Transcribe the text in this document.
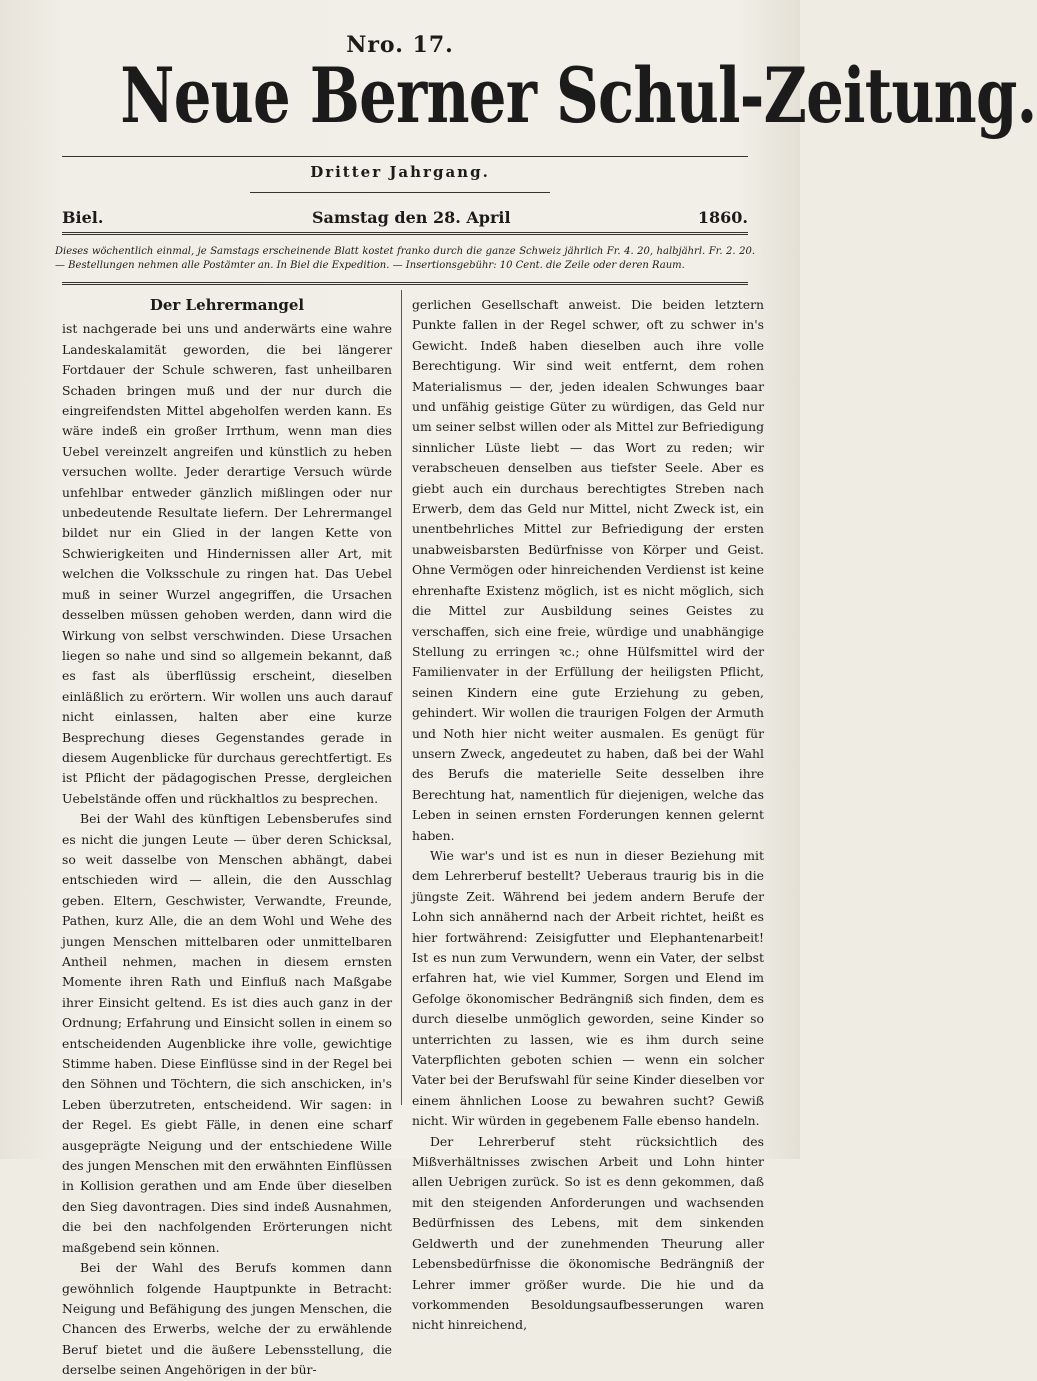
Nro. 17.
Neue Berner Schul-Zeitung.
Dritter Jahrgang.
Biel.	Samstag den 28. April	1860.
Dieses wöchentlich einmal, je Samstags erscheinende Blatt kostet franko durch die ganze Schweiz jährlich Fr. 4. 20, halbjährl. Fr. 2. 20. — Bestellungen nehmen alle Postämter an. In Biel die Expedition. — Insertionsgebühr: 10 Cent. die Zeile oder deren Raum.
Der Lehrermangel

ist nachgerade bei uns und anderwärts eine wahre Landeskalamität geworden, die bei längerer Fortdauer der Schule schweren, fast unheilbaren Schaden bringen muß und der nur durch die eingreifendsten Mittel abgeholfen werden kann. Es wäre indeß ein großer Irrthum, wenn man dies Uebel vereinzelt angreifen und künstlich zu heben versuchen wollte. Jeder derartige Versuch würde unfehlbar entweder gänzlich mißlingen oder nur unbedeutende Resultate liefern. Der Lehrermangel bildet nur ein Glied in der langen Kette von Schwierigkeiten und Hindernissen aller Art, mit welchen die Volksschule zu ringen hat. Das Uebel muß in seiner Wurzel angegriffen, die Ursachen desselben müssen gehoben werden, dann wird die Wirkung von selbst verschwinden. Diese Ursachen liegen so nahe und sind so allgemein bekannt, daß es fast als überflüssig erscheint, dieselben einläßlich zu erörtern. Wir wollen uns auch darauf nicht einlassen, halten aber eine kurze Besprechung dieses Gegenstandes gerade in diesem Augenblicke für durchaus gerechtfertigt. Es ist Pflicht der pädagogischen Presse, dergleichen Uebelstände offen und rückhaltlos zu besprechen.

Bei der Wahl des künftigen Lebensberufes sind es nicht die jungen Leute — über deren Schicksal, so weit dasselbe von Menschen abhängt, dabei entschieden wird — allein, die den Ausschlag geben. Eltern, Geschwister, Verwandte, Freunde, Pathen, kurz Alle, die an dem Wohl und Wehe des jungen Menschen mittelbaren oder unmittelbaren Antheil nehmen, machen in diesem ernsten Momente ihren Rath und Einfluß nach Maßgabe ihrer Einsicht geltend. Es ist dies auch ganz in der Ordnung; Erfahrung und Einsicht sollen in einem so entscheidenden Augenblicke ihre volle, gewichtige Stimme haben. Diese Einflüsse sind in der Regel bei den Söhnen und Töchtern, die sich anschicken, in's Leben überzutreten, entscheidend. Wir sagen: in der Regel. Es giebt Fälle, in denen eine scharf ausgeprägte Neigung und der entschiedene Wille des jungen Menschen mit den erwähnten Einflüssen in Kollision gerathen und am Ende über dieselben den Sieg davontragen. Dies sind indeß Ausnahmen, die bei den nachfolgenden Erörterungen nicht maßgebend sein können.

Bei der Wahl des Berufs kommen dann gewöhnlich folgende Hauptpunkte in Betracht: Neigung und Befähigung des jungen Menschen, die Chancen des Erwerbs, welche der zu erwählende Beruf bietet und die äußere Lebensstellung, die derselbe seinen Angehörigen in der bür-

gerlichen Gesellschaft anweist. Die beiden letztern Punkte fallen in der Regel schwer, oft zu schwer in's Gewicht. Indeß haben dieselben auch ihre volle Berechtigung. Wir sind weit entfernt, dem rohen Materialismus — der, jeden idealen Schwunges baar und unfähig geistige Güter zu würdigen, das Geld nur um seiner selbst willen oder als Mittel zur Befriedigung sinnlicher Lüste liebt — das Wort zu reden; wir verabscheuen denselben aus tiefster Seele. Aber es giebt auch ein durchaus berechtigtes Streben nach Erwerb, dem das Geld nur Mittel, nicht Zweck ist, ein unentbehrliches Mittel zur Befriedigung der ersten unabweisbarsten Bedürfnisse von Körper und Geist. Ohne Vermögen oder hinreichenden Verdienst ist keine ehrenhafte Existenz möglich, ist es nicht möglich, sich die Mittel zur Ausbildung seines Geistes zu verschaffen, sich eine freie, würdige und unabhängige Stellung zu erringen ꝛc.; ohne Hülfsmittel wird der Familienvater in der Erfüllung der heiligsten Pflicht, seinen Kindern eine gute Erziehung zu geben, gehindert. Wir wollen die traurigen Folgen der Armuth und Noth hier nicht weiter ausmalen. Es genügt für unsern Zweck, angedeutet zu haben, daß bei der Wahl des Berufs die materielle Seite desselben ihre Berechtung hat, namentlich für diejenigen, welche das Leben in seinen ernsten Forderungen kennen gelernt haben.

Wie war's und ist es nun in dieser Beziehung mit dem Lehrerberuf bestellt? Ueberaus traurig bis in die jüngste Zeit. Während bei jedem andern Berufe der Lohn sich annähernd nach der Arbeit richtet, heißt es hier fortwährend: Zeisigfutter und Elephantenarbeit! Ist es nun zum Verwundern, wenn ein Vater, der selbst erfahren hat, wie viel Kummer, Sorgen und Elend im Gefolge ökonomischer Bedrängniß sich finden, dem es durch dieselbe unmöglich geworden, seine Kinder so unterrichten zu lassen, wie es ihm durch seine Vaterpflichten geboten schien — wenn ein solcher Vater bei der Berufswahl für seine Kinder dieselben vor einem ähnlichen Loose zu bewahren sucht? Gewiß nicht. Wir würden in gegebenem Falle ebenso handeln.

Der Lehrerberuf steht rücksichtlich des Mißverhältnisses zwischen Arbeit und Lohn hinter allen Uebrigen zurück. So ist es denn gekommen, daß mit den steigenden Anforderungen und wachsenden Bedürfnissen des Lebens, mit dem sinkenden Geldwerth und der zunehmenden Theurung aller Lebensbedürfnisse die ökonomische Bedrängniß der Lehrer immer größer wurde. Die hie und da vorkommenden Besoldungsaufbesserungen waren nicht hinreichend,
